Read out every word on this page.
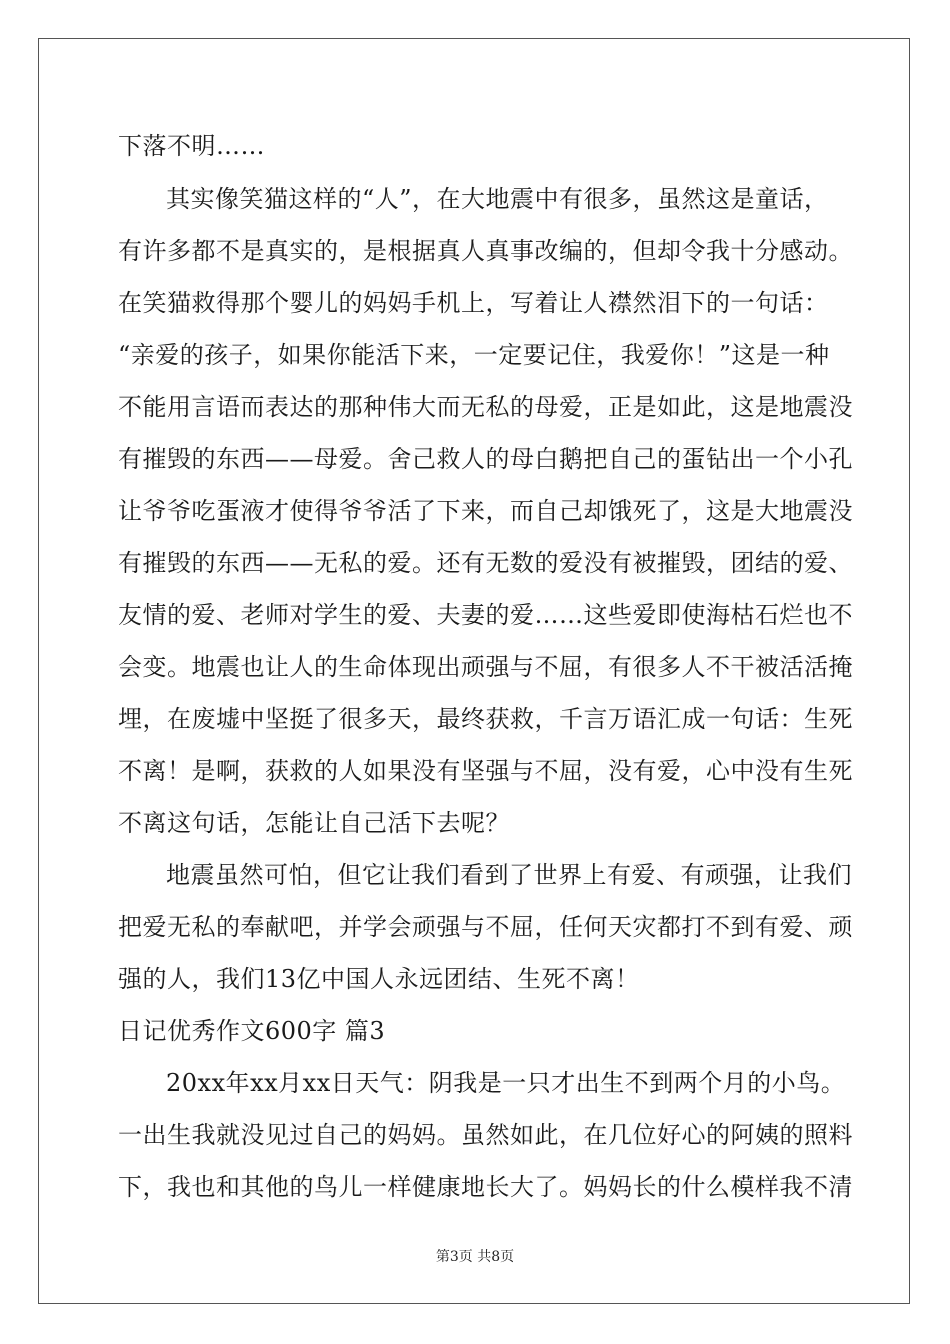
下落不明……
其实像笑猫这样的“人”，在大地震中有很多，虽然这是童话，
有许多都不是真实的，是根据真人真事改编的，但却令我十分感动。
在笑猫救得那个婴儿的妈妈手机上，写着让人襟然泪下的一句话：
“亲爱的孩子，如果你能活下来，一定要记住，我爱你！”这是一种
不能用言语而表达的那种伟大而无私的母爱，正是如此，这是地震没
有摧毁的东西——母爱。舍己救人的母白鹅把自己的蛋钻出一个小孔
让爷爷吃蛋液才使得爷爷活了下来，而自己却饿死了，这是大地震没
有摧毁的东西——无私的爱。还有无数的爱没有被摧毁，团结的爱、
友情的爱、老师对学生的爱、夫妻的爱……这些爱即使海枯石烂也不
会变。地震也让人的生命体现出顽强与不屈，有很多人不干被活活掩
埋，在废墟中坚挺了很多天，最终获救，千言万语汇成一句话：生死
不离！是啊，获救的人如果没有坚强与不屈，没有爱，心中没有生死
不离这句话，怎能让自己活下去呢？
地震虽然可怕，但它让我们看到了世界上有爱、有顽强，让我们
把爱无私的奉献吧，并学会顽强与不屈，任何天灾都打不到有爱、顽
强的人，我们13亿中国人永远团结、生死不离！
日记优秀作文600字 篇3
20xx年xx月xx日天气：阴我是一只才出生不到两个月的小鸟。
一出生我就没见过自己的妈妈。虽然如此，在几位好心的阿姨的照料
下，我也和其他的鸟儿一样健康地长大了。妈妈长的什么模样我不清
第3页 共8页
